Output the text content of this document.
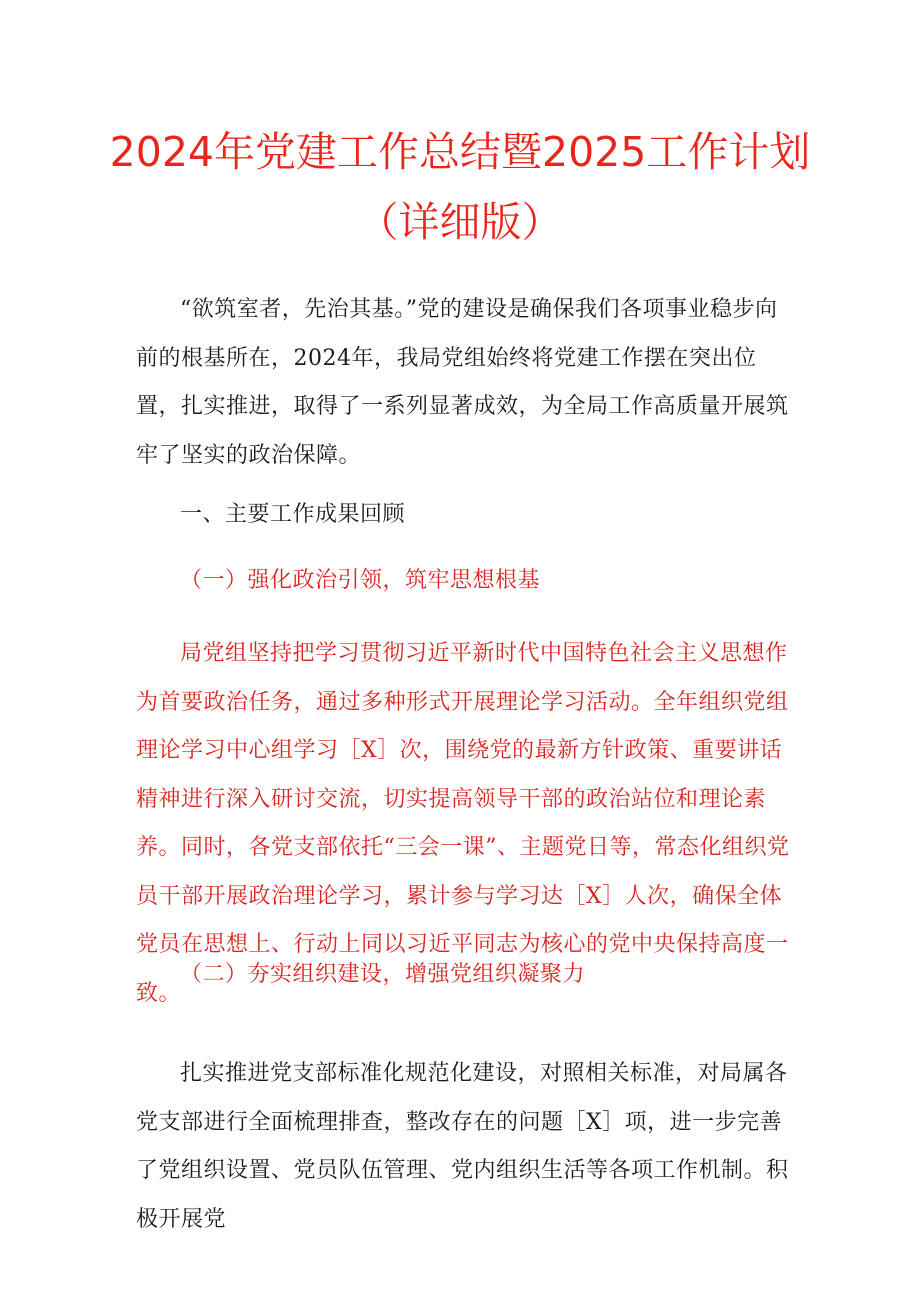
2024年党建工作总结暨2025工作计划
（详细版）

“欲筑室者，先治其基。”党的建设是确保我们各项事业稳步向前的根基所在，2024年，我局党组始终将党建工作摆在突出位置，扎实推进，取得了一系列显著成效，为全局工作高质量开展筑牢了坚实的政治保障。

一、主要工作成果回顾

（一）强化政治引领，筑牢思想根基

局党组坚持把学习贯彻习近平新时代中国特色社会主义思想作为首要政治任务，通过多种形式开展理论学习活动。全年组织党组理论学习中心组学习［X］次，围绕党的最新方针政策、重要讲话精神进行深入研讨交流，切实提高领导干部的政治站位和理论素养。同时，各党支部依托“三会一课”、主题党日等，常态化组织党员干部开展政治理论学习，累计参与学习达［X］人次，确保全体党员在思想上、行动上同以习近平同志为核心的党中央保持高度一致。

（二）夯实组织建设，增强党组织凝聚力

扎实推进党支部标准化规范化建设，对照相关标准，对局属各党支部进行全面梳理排查，整改存在的问题［X］项，进一步完善了党组织设置、党员队伍管理、党内组织生活等各项工作机制。积极开展党
